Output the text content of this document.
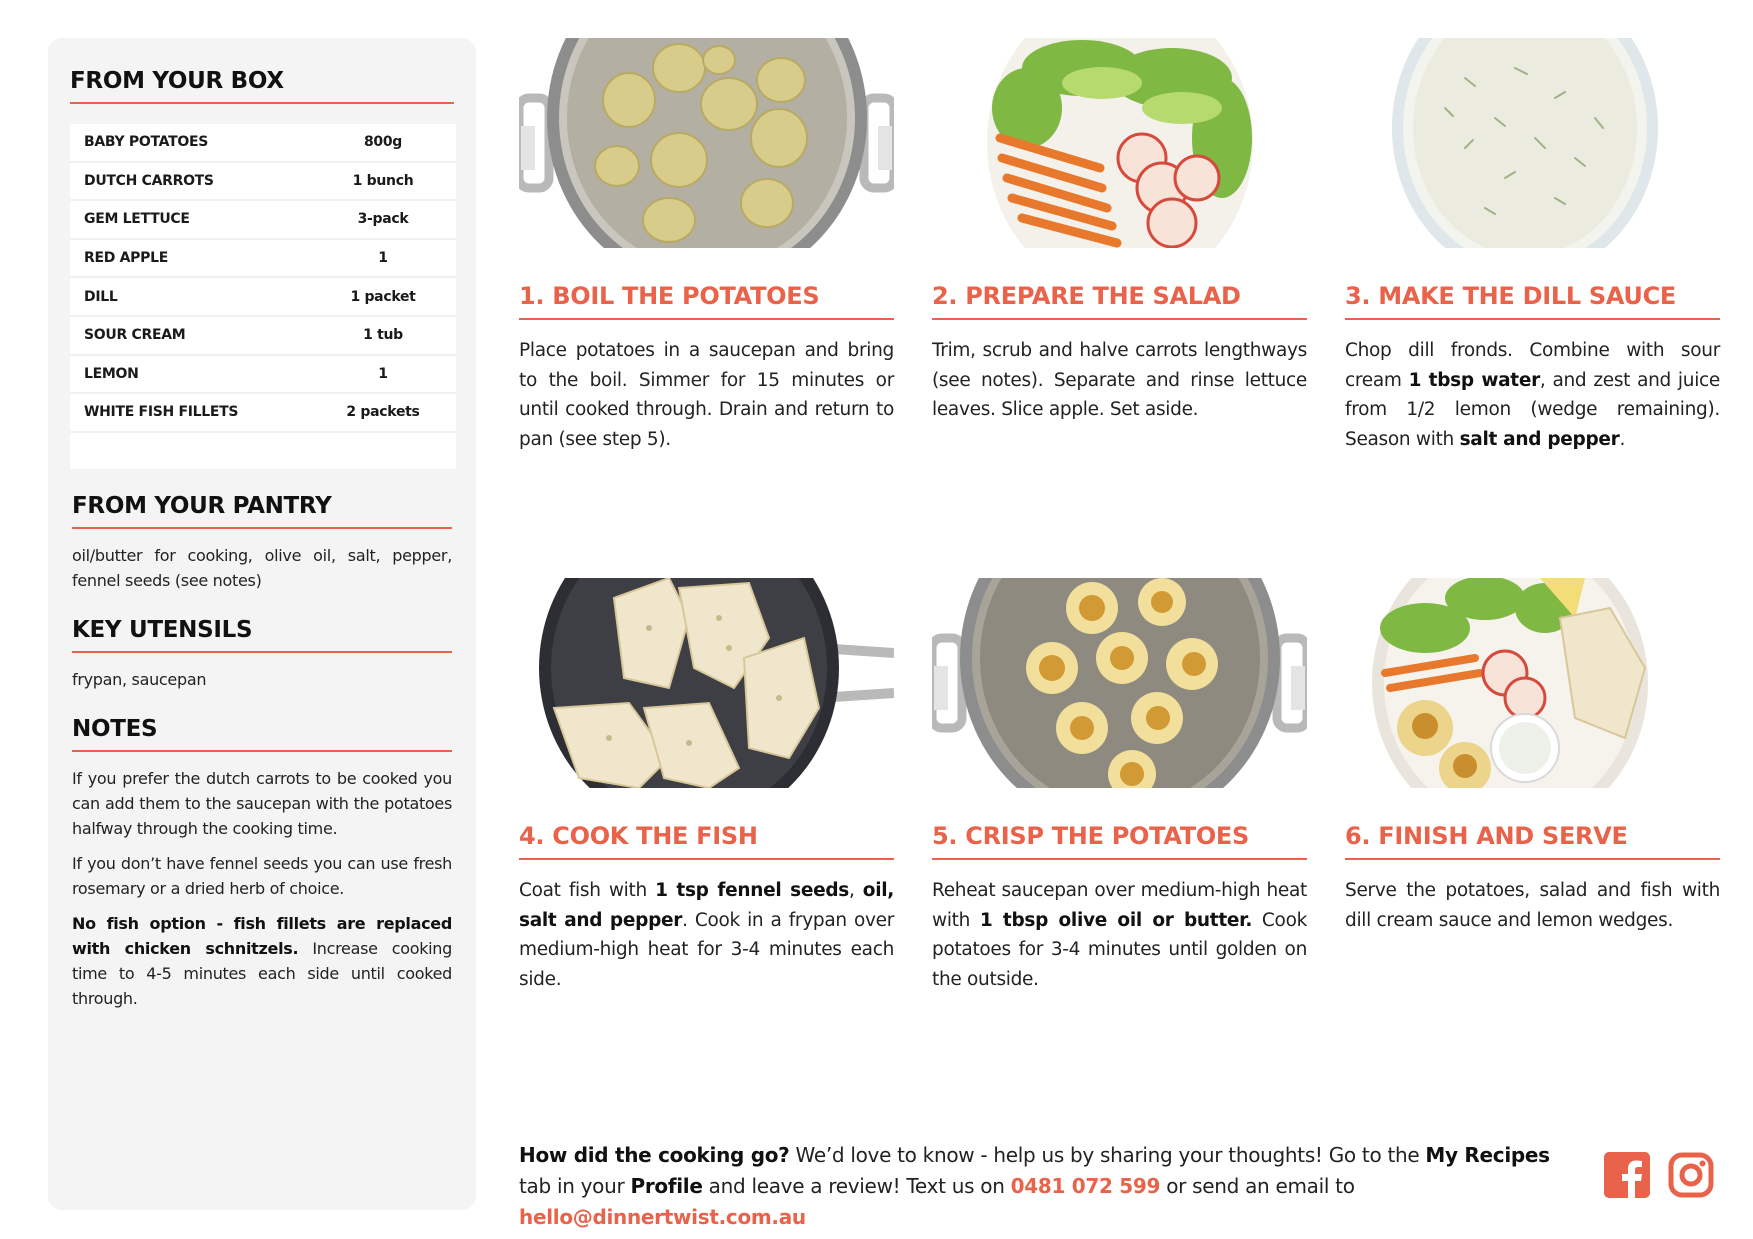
FROM YOUR BOX
BABY POTATOES	800g
DUTCH CARROTS	1 bunch
GEM LETTUCE	3-pack
RED APPLE	1
DILL	1 packet
SOUR CREAM	1 tub
LEMON	1
WHITE FISH FILLETS	2 packets
FROM YOUR PANTRY

oil/butter for cooking, olive oil, salt, pepper, fennel seeds (see notes)

KEY UTENSILS

frypan, saucepan

NOTES

If you prefer the dutch carrots to be cooked you can add them to the saucepan with the potatoes halfway through the cooking time.

If you don’t have fennel seeds you can use fresh rosemary or a dried herb of choice.

No fish option - fish fillets are replaced with chicken schnitzels. Increase cooking time to 4-5 minutes each side until cooked through.

1. BOIL THE POTATOES

Place potatoes in a saucepan and bring to the boil. Simmer for 15 minutes or until cooked through. Drain and return to pan (see step 5).

2. PREPARE THE SALAD

Trim, scrub and halve carrots lengthways (see notes). Separate and rinse lettuce leaves. Slice apple. Set aside.

3. MAKE THE DILL SAUCE

Chop dill fronds. Combine with sour cream 1 tbsp water, and zest and juice from 1/2 lemon (wedge remaining). Season with salt and pepper.

4. COOK THE FISH

Coat fish with 1 tsp fennel seeds, oil, salt and pepper. Cook in a frypan over medium-high heat for 3-4 minutes each side.

5. CRISP THE POTATOES

Reheat saucepan over medium-high heat with 1 tbsp olive oil or butter. Cook potatoes for 3-4 minutes until golden on the outside.

6. FINISH AND SERVE

Serve the potatoes, salad and fish with dill cream sauce and lemon wedges.

How did the cooking go? We’d love to know - help us by sharing your thoughts! Go to the My Recipes tab in your Profile and leave a review! Text us on 0481 072 599 or send an email to hello@dinnertwist.com.au
